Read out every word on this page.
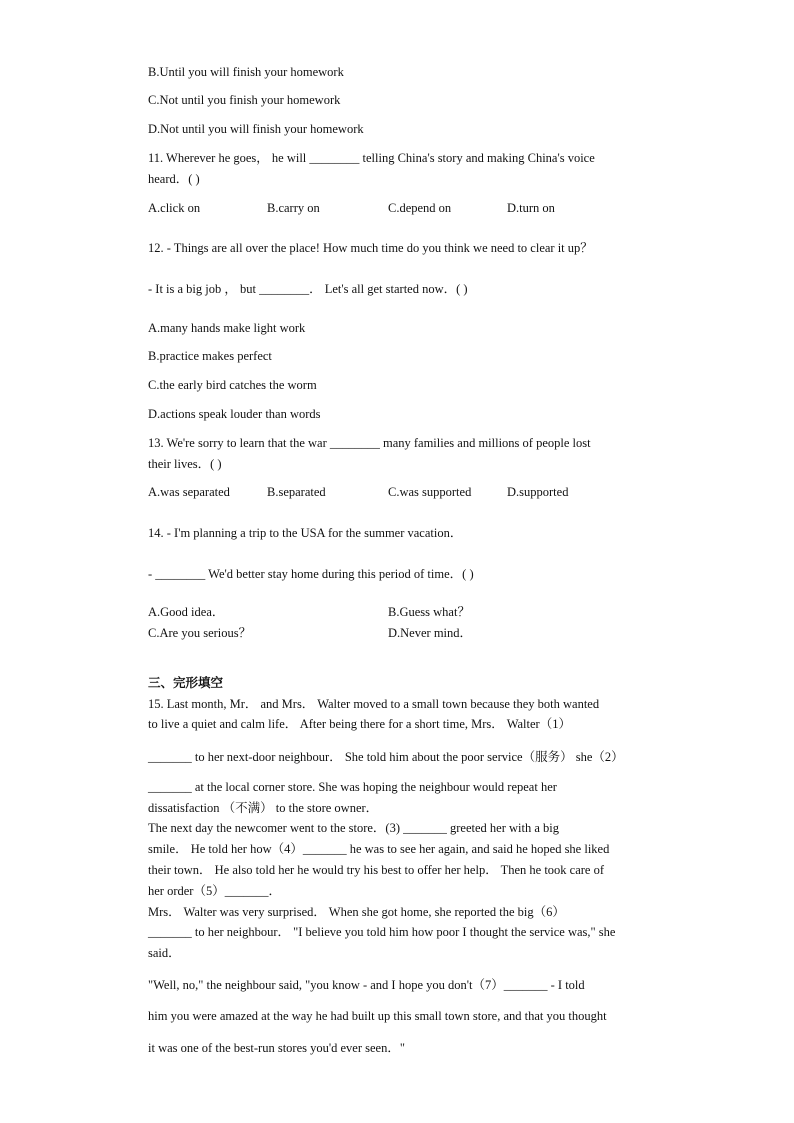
B.Until you will finish your homework
C.Not until you finish your homework
D.Not until you will finish your homework
11. Wherever he goes， he will ________ telling China's story and making China's voice
heard．( )
A.click on	B.carry on	C.depend on	D.turn on
12. - Things are all over the place! How much time do you think we need to clear it up？
- It is a big job ， but ________． Let's all get started now．( )
A.many hands make light work
B.practice makes perfect
C.the early bird catches the worm
D.actions speak louder than words
13. We're sorry to learn that the war ________ many families and millions of people lost
their lives．( )
A.was separated	B.separated	C.was supported	D.supported
14. - I'm planning a trip to the USA for the summer vacation．
- ________ We'd better stay home during this period of time．( )
A.Good idea．	B.Guess what？
C.Are you serious？	D.Never mind．
三、完形填空
15. Last month, Mr． and Mrs． Walter moved to a small town because they both wanted
to live a quiet and calm life． After being there for a short time, Mrs． Walter（1）
_______ to her next-door neighbour． She told him about the poor service（服务） she（2）
_______ at the local corner store. She was hoping the neighbour would repeat her
dissatisfaction （不满） to the store owner．
The next day the newcomer went to the store．(3) _______ greeted her with a big
smile． He told her how（4）_______ he was to see her again, and said he hoped she liked
their town． He also told her he would try his best to offer her help． Then he took care of
her order（5）_______．
Mrs． Walter was very surprised． When she got home, she reported the big（6）
_______ to her neighbour． "I believe you told him how poor I thought the service was," she
said．
"Well, no," the neighbour said, "you know - and I hope you don't（7）_______ - I told
him you were amazed at the way he had built up this small town store, and that you thought
it was one of the best-run stores you'd ever seen．"
